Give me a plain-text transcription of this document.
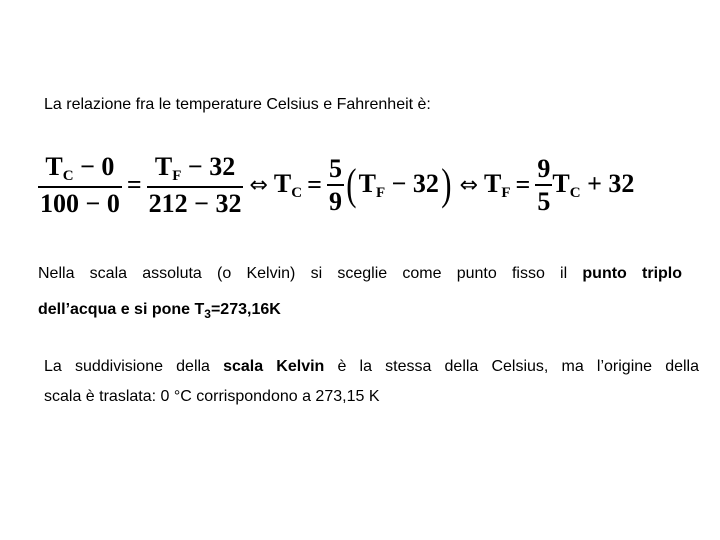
La relazione fra le temperature Celsius e Fahrenheit è:
$\frac{T_C - 0}{100 - 0} = \frac{T_F - 32}{212 - 32}$ ⇔ $T_C = \frac{5}{9}$ ( $T_F - 32$ ) ⇔ $T_F = \frac{9}{5} T_C + 32$
Nella scala assoluta (o Kelvin) si sceglie come punto fisso il punto triplo
dell’acqua e si pone $T_3=273,16K$
La suddivisione della scala Kelvin è la stessa della Celsius, ma l’origine della
scala è traslata: 0 °C corrispondono a 273,15 K
